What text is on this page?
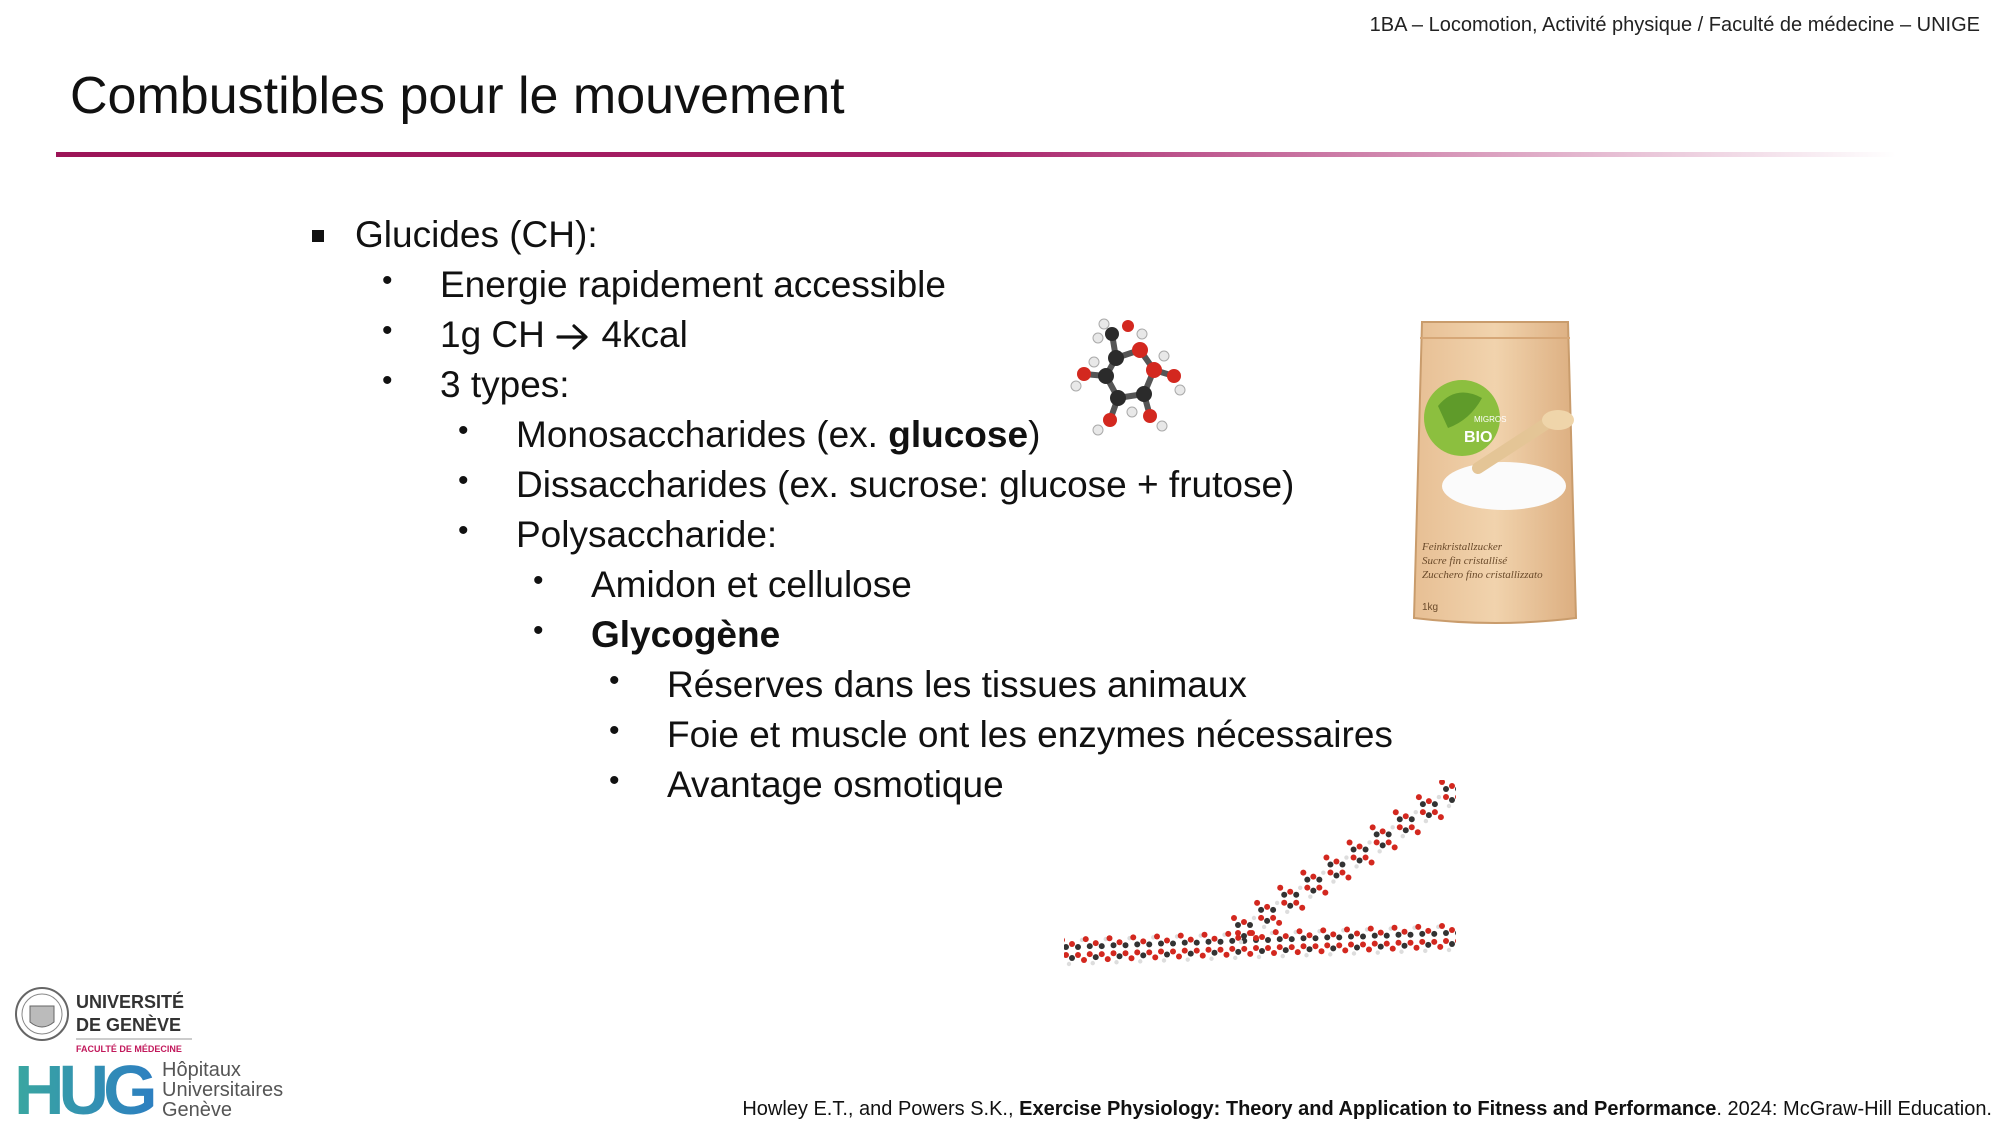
1BA – Locomotion, Activité physique / Faculté de médecine – UNIGE
Combustibles pour le mouvement
Glucides (CH):
• Energie rapidement accessible
• 1g CH 4kcal
• 3 types:
• Monosaccharides (ex. glucose)
• Dissaccharides (ex. sucrose: glucose + frutose)
• Polysaccharide:
• Amidon et cellulose
• Glycogène
• Réserves dans les tissues animaux
• Foie et muscle ont les enzymes nécessaires
• Avantage osmotique
MIGROS
BIO
Feinkristallzucker
Sucre fin cristallisé
Zucchero fino cristallizzato
1kg
UNIVERSITÉ
DE GENÈVE
FACULTÉ DE MÉDECINE
HUG Hôpitaux
Universitaires
Genève	Howley E.T., and Powers S.K., Exercise Physiology: Theory and Application to Fitness and Performance. 2024: McGraw-Hill Education.
